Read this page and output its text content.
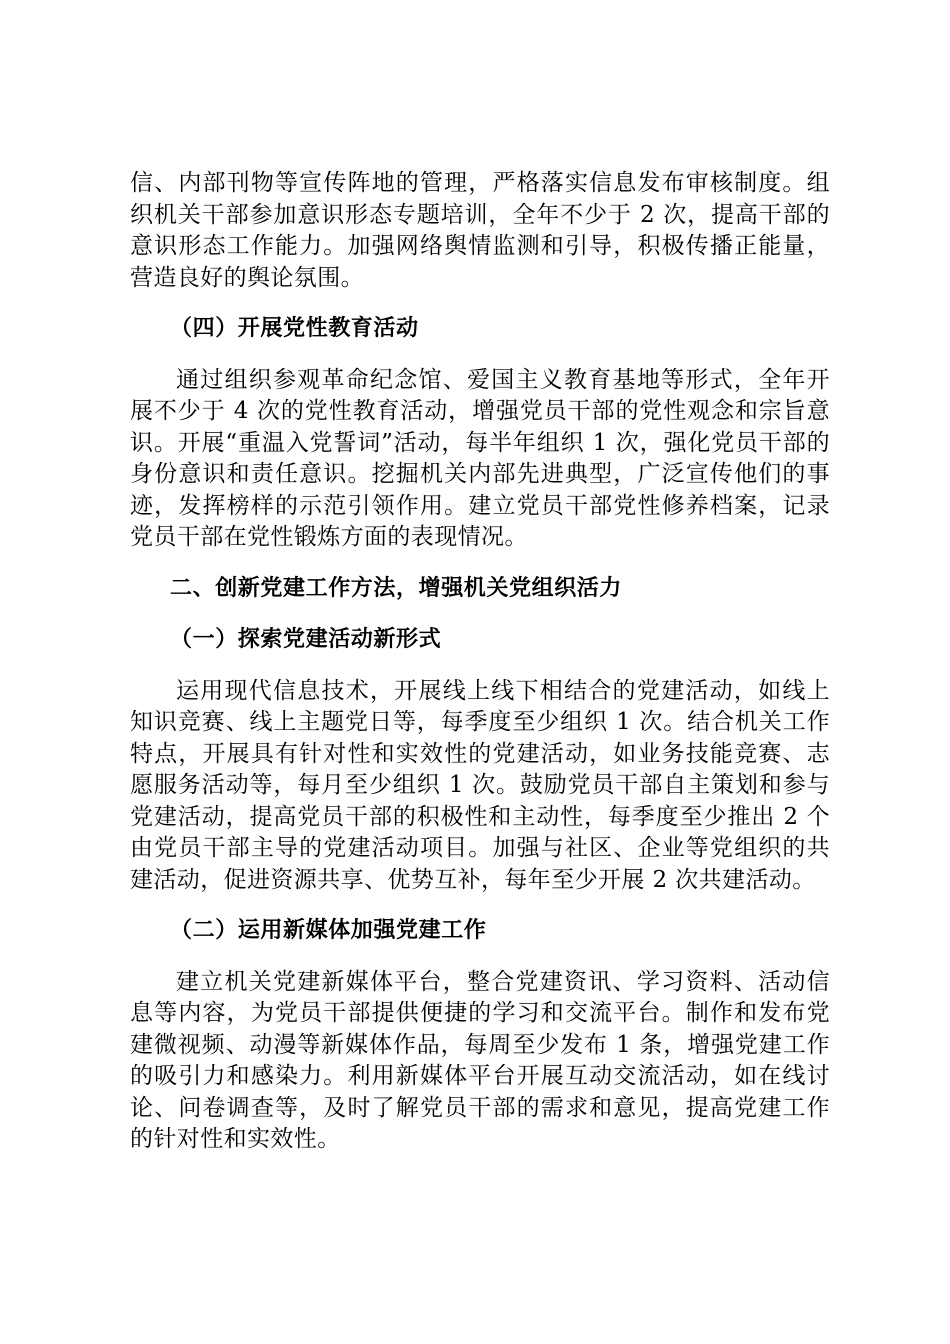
信、内部刊物等宣传阵地的管理，严格落实信息发布审核制度。组织机关干部参加意识形态专题培训，全年不少于 2 次，提高干部的意识形态工作能力。加强网络舆情监测和引导，积极传播正能量，营造良好的舆论氛围。

（四）开展党性教育活动

通过组织参观革命纪念馆、爱国主义教育基地等形式，全年开展不少于 4 次的党性教育活动，增强党员干部的党性观念和宗旨意识。开展“重温入党誓词”活动，每半年组织 1 次，强化党员干部的身份意识和责任意识。挖掘机关内部先进典型，广泛宣传他们的事迹，发挥榜样的示范引领作用。建立党员干部党性修养档案，记录党员干部在党性锻炼方面的表现情况。

二、创新党建工作方法，增强机关党组织活力

（一）探索党建活动新形式

运用现代信息技术，开展线上线下相结合的党建活动，如线上知识竞赛、线上主题党日等，每季度至少组织 1 次。结合机关工作特点，开展具有针对性和实效性的党建活动，如业务技能竞赛、志愿服务活动等，每月至少组织 1 次。鼓励党员干部自主策划和参与党建活动，提高党员干部的积极性和主动性，每季度至少推出 2 个由党员干部主导的党建活动项目。加强与社区、企业等党组织的共建活动，促进资源共享、优势互补，每年至少开展 2 次共建活动。

（二）运用新媒体加强党建工作

建立机关党建新媒体平台，整合党建资讯、学习资料、活动信息等内容，为党员干部提供便捷的学习和交流平台。制作和发布党建微视频、动漫等新媒体作品，每周至少发布 1 条，增强党建工作的吸引力和感染力。利用新媒体平台开展互动交流活动，如在线讨论、问卷调查等，及时了解党员干部的需求和意见，提高党建工作的针对性和实效性。
